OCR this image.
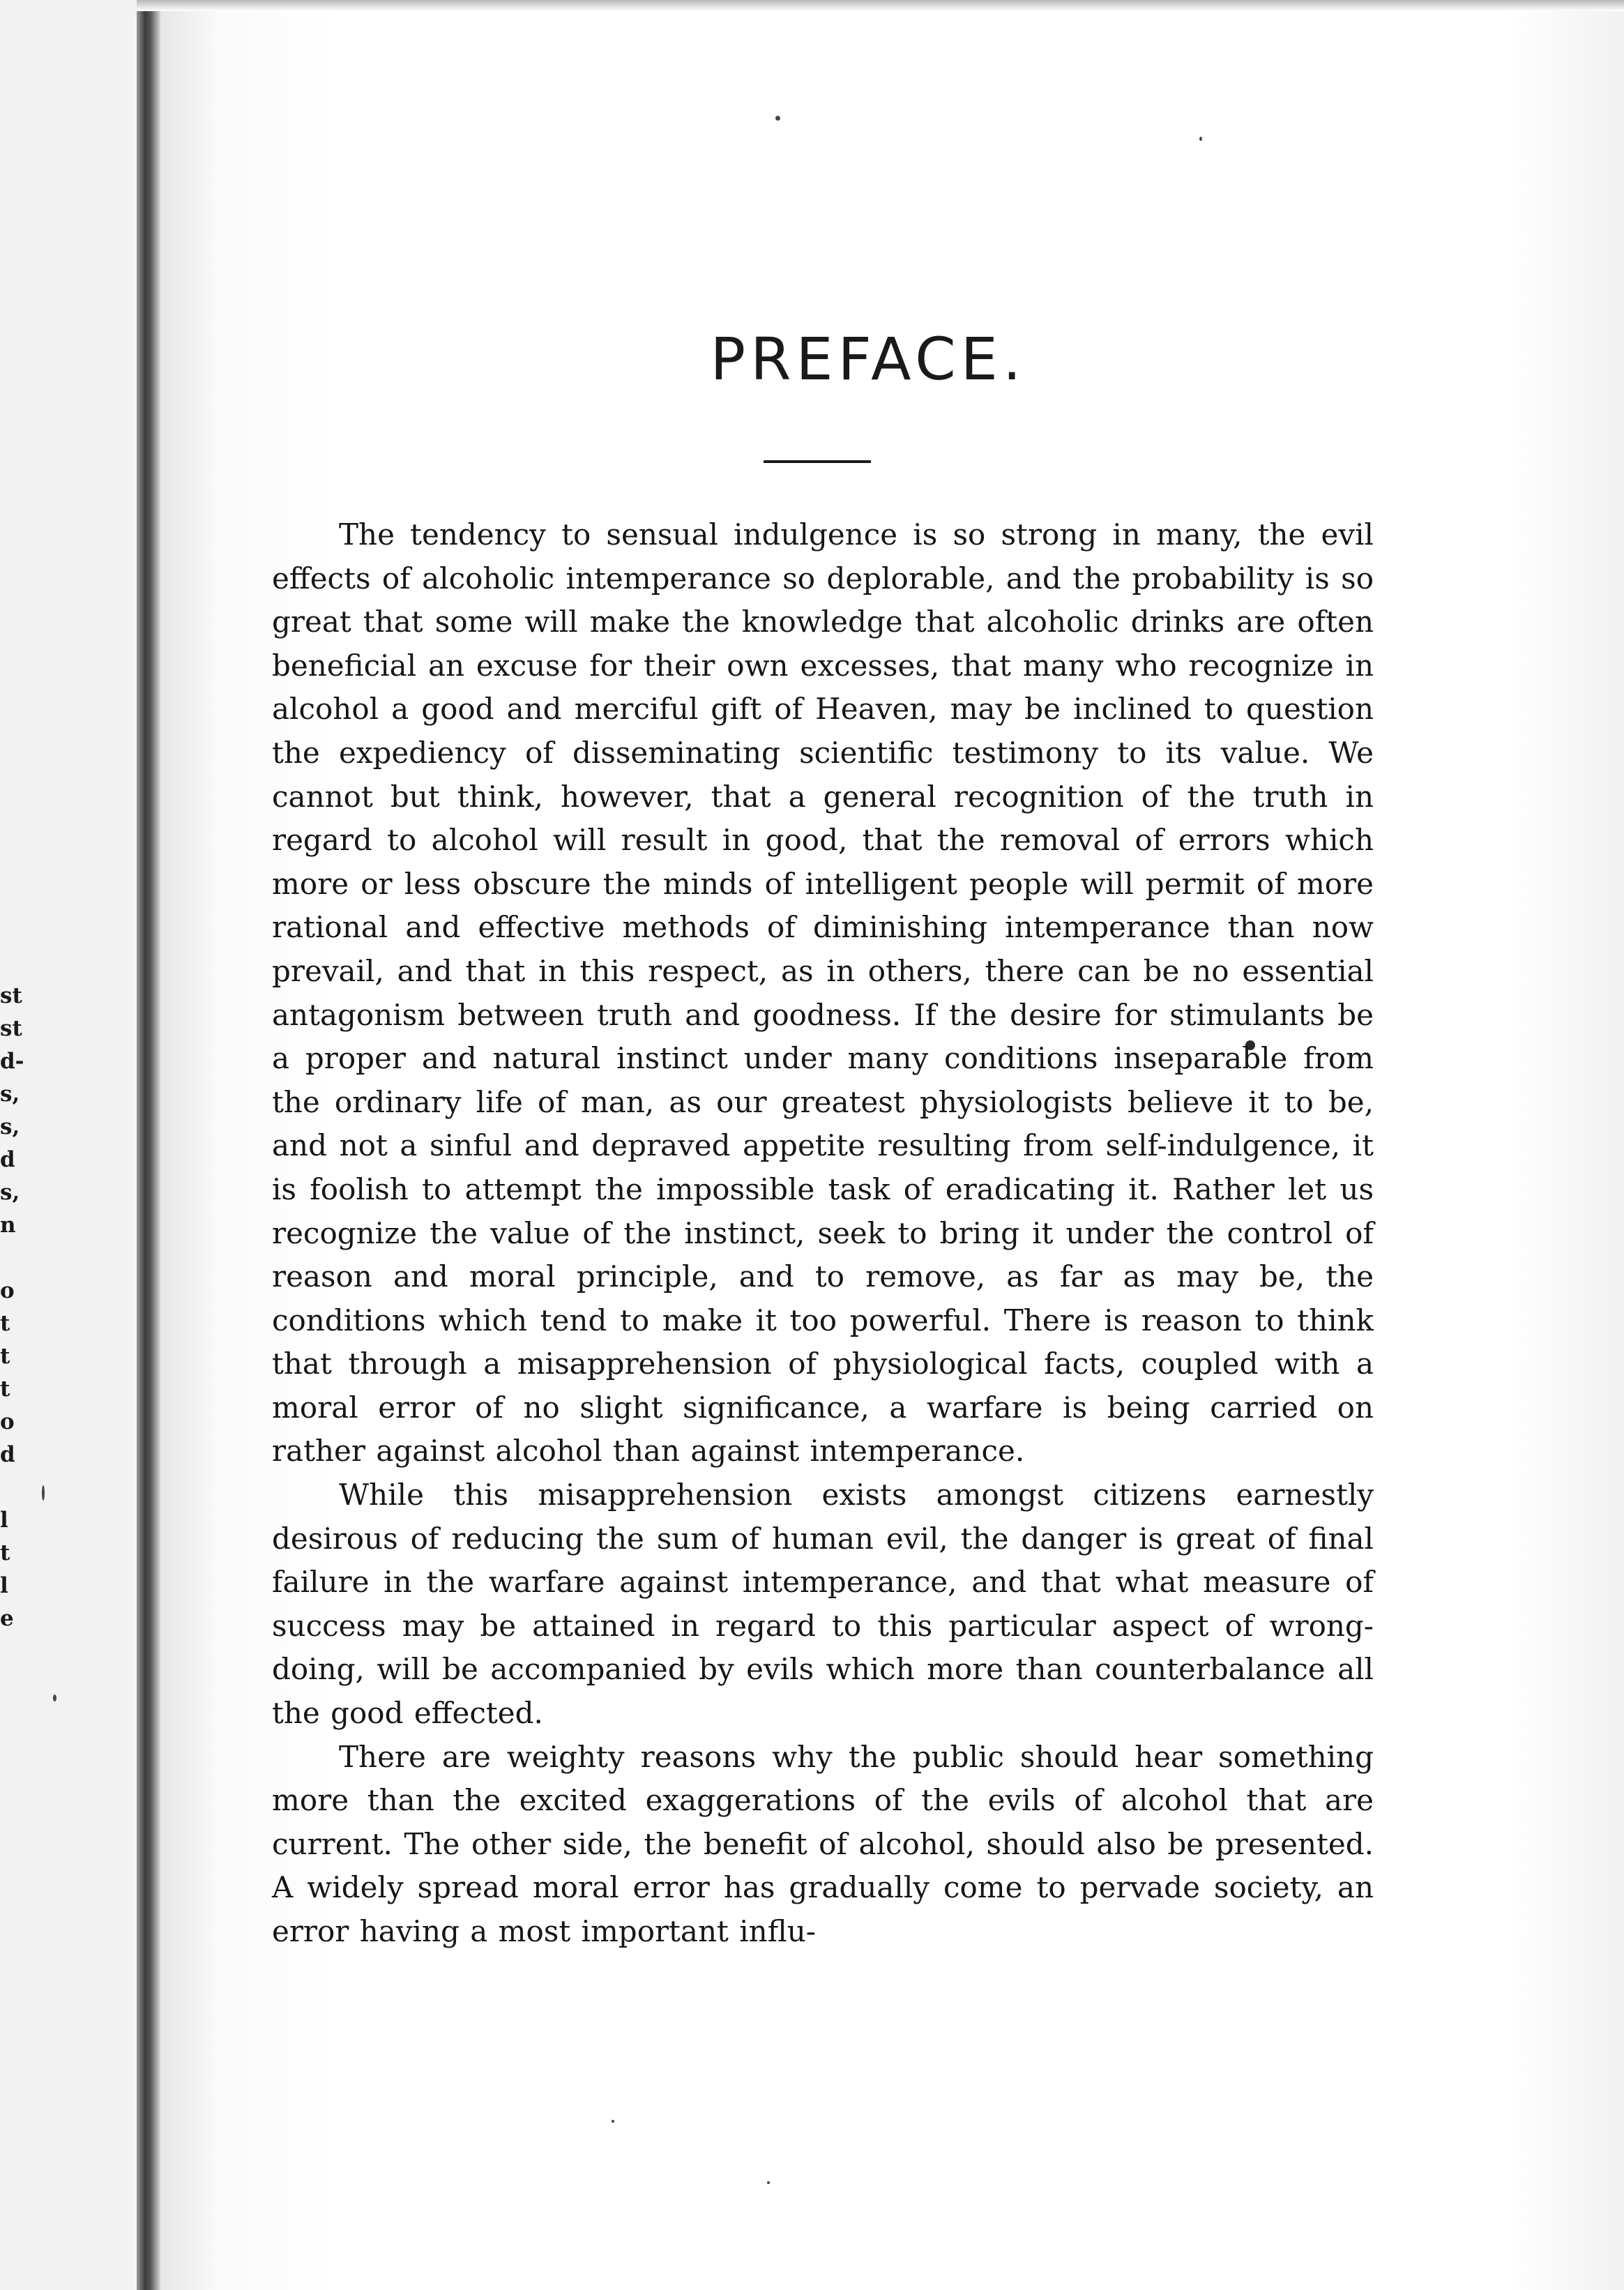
st
st
d-
s,
s,
d
s,
n
o
t
t
t
o
d
l
t
l
e
PREFACE.

The tendency to sensual indulgence is so strong in many, the evil effects of alcoholic intemperance so deplorable, and the probability is so great that some will make the knowledge that alcoholic drinks are often beneficial an excuse for their own excesses, that many who recognize in alcohol a good and merciful gift of Heaven, may be inclined to question the expediency of disseminating scientific testimony to its value. We cannot but think, however, that a general recognition of the truth in regard to alcohol will result in good, that the removal of errors which more or less obscure the minds of intelligent people will permit of more rational and effective methods of diminishing intemperance than now prevail, and that in this respect, as in others, there can be no essential antagonism between truth and goodness. If the desire for stimulants be a proper and natural instinct under many conditions inseparable from the ordinary life of man, as our greatest physiologists believe it to be, and not a sinful and depraved appetite resulting from self-indulgence, it is foolish to attempt the impossible task of eradicating it. Rather let us recognize the value of the instinct, seek to bring it under the control of reason and moral principle, and to remove, as far as may be, the conditions which tend to make it too powerful. There is reason to think that through a misapprehension of physiological facts, coupled with a moral error of no slight significance, a warfare is being carried on rather against alcohol than against intemperance.

While this misapprehension exists amongst citizens earnestly desirous of reducing the sum of human evil, the danger is great of final failure in the warfare against intemperance, and that what measure of success may be attained in regard to this particular aspect of wrong-doing, will be accompanied by evils which more than counterbalance all the good effected.

There are weighty reasons why the public should hear something more than the excited exaggerations of the evils of alcohol that are current. The other side, the benefit of alcohol, should also be presented. A widely spread moral error has gradually come to pervade society, an error having a most important influ-
